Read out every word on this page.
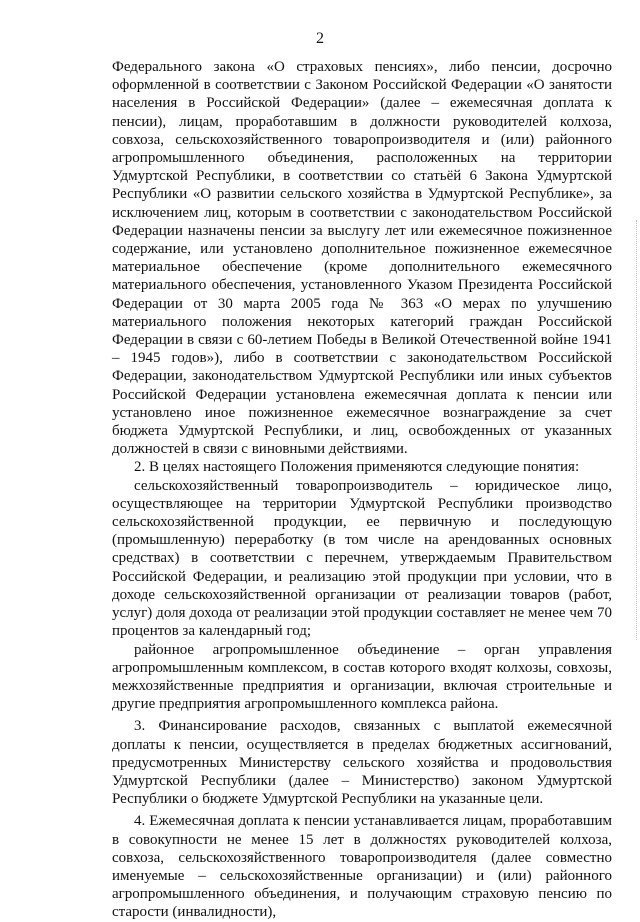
2

Федерального закона «О страховых пенсиях», либо пенсии, досрочно оформленной в соответствии с Законом Российской Федерации «О занятости населения в Российской Федерации» (далее – ежемесячная доплата к пенсии), лицам, проработавшим в должности руководителей колхоза, совхоза, сельскохозяйственного товаропроизводителя и (или) районного агропромышленного объединения, расположенных на территории Удмуртской Республики, в соответствии со статьёй 6 Закона Удмуртской Республики «О развитии сельского хозяйства в Удмуртской Республике», за исключением лиц, которым в соответствии с законодательством Российской Федерации назначены пенсии за выслугу лет или ежемесячное пожизненное содержание, или установлено дополнительное пожизненное ежемесячное материальное обеспечение (кроме дополнительного ежемесячного материального обеспечения, установленного Указом Президента Российской Федерации от 30 марта 2005 года № 363 «О мерах по улучшению материального положения некоторых категорий граждан Российской Федерации в связи с 60-летием Победы в Великой Отечественной войне 1941 – 1945 годов»), либо в соответствии с законодательством Российской Федерации, законодательством Удмуртской Республики или иных субъектов Российской Федерации установлена ежемесячная доплата к пенсии или установлено иное пожизненное ежемесячное вознаграждение за счет бюджета Удмуртской Республики, и лиц, освобожденных от указанных должностей в связи с виновными действиями.

2. В целях настоящего Положения применяются следующие понятия:

сельскохозяйственный товаропроизводитель – юридическое лицо, осуществляющее на территории Удмуртской Республики производство сельскохозяйственной продукции, ее первичную и последующую (промышленную) переработку (в том числе на арендованных основных средствах) в соответствии с перечнем, утверждаемым Правительством Российской Федерации, и реализацию этой продукции при условии, что в доходе сельскохозяйственной организации от реализации товаров (работ, услуг) доля дохода от реализации этой продукции составляет не менее чем 70 процентов за календарный год;

районное агропромышленное объединение – орган управления агропромышленным комплексом, в состав которого входят колхозы, совхозы, межхозяйственные предприятия и организации, включая строительные и другие предприятия агропромышленного комплекса района.

3. Финансирование расходов, связанных с выплатой ежемесячной доплаты к пенсии, осуществляется в пределах бюджетных ассигнований, предусмотренных Министерству сельского хозяйства и продовольствия Удмуртской Республики (далее – Министерство) законом Удмуртской Республики о бюджете Удмуртской Республики на указанные цели.

4. Ежемесячная доплата к пенсии устанавливается лицам, проработавшим в совокупности не менее 15 лет в должностях руководителей колхоза, совхоза, сельскохозяйственного товаропроизводителя (далее совместно именуемые – сельскохозяйственные организации) и (или) районного агропромышленного объединения, и получающим страховую пенсию по старости (инвалидности),
